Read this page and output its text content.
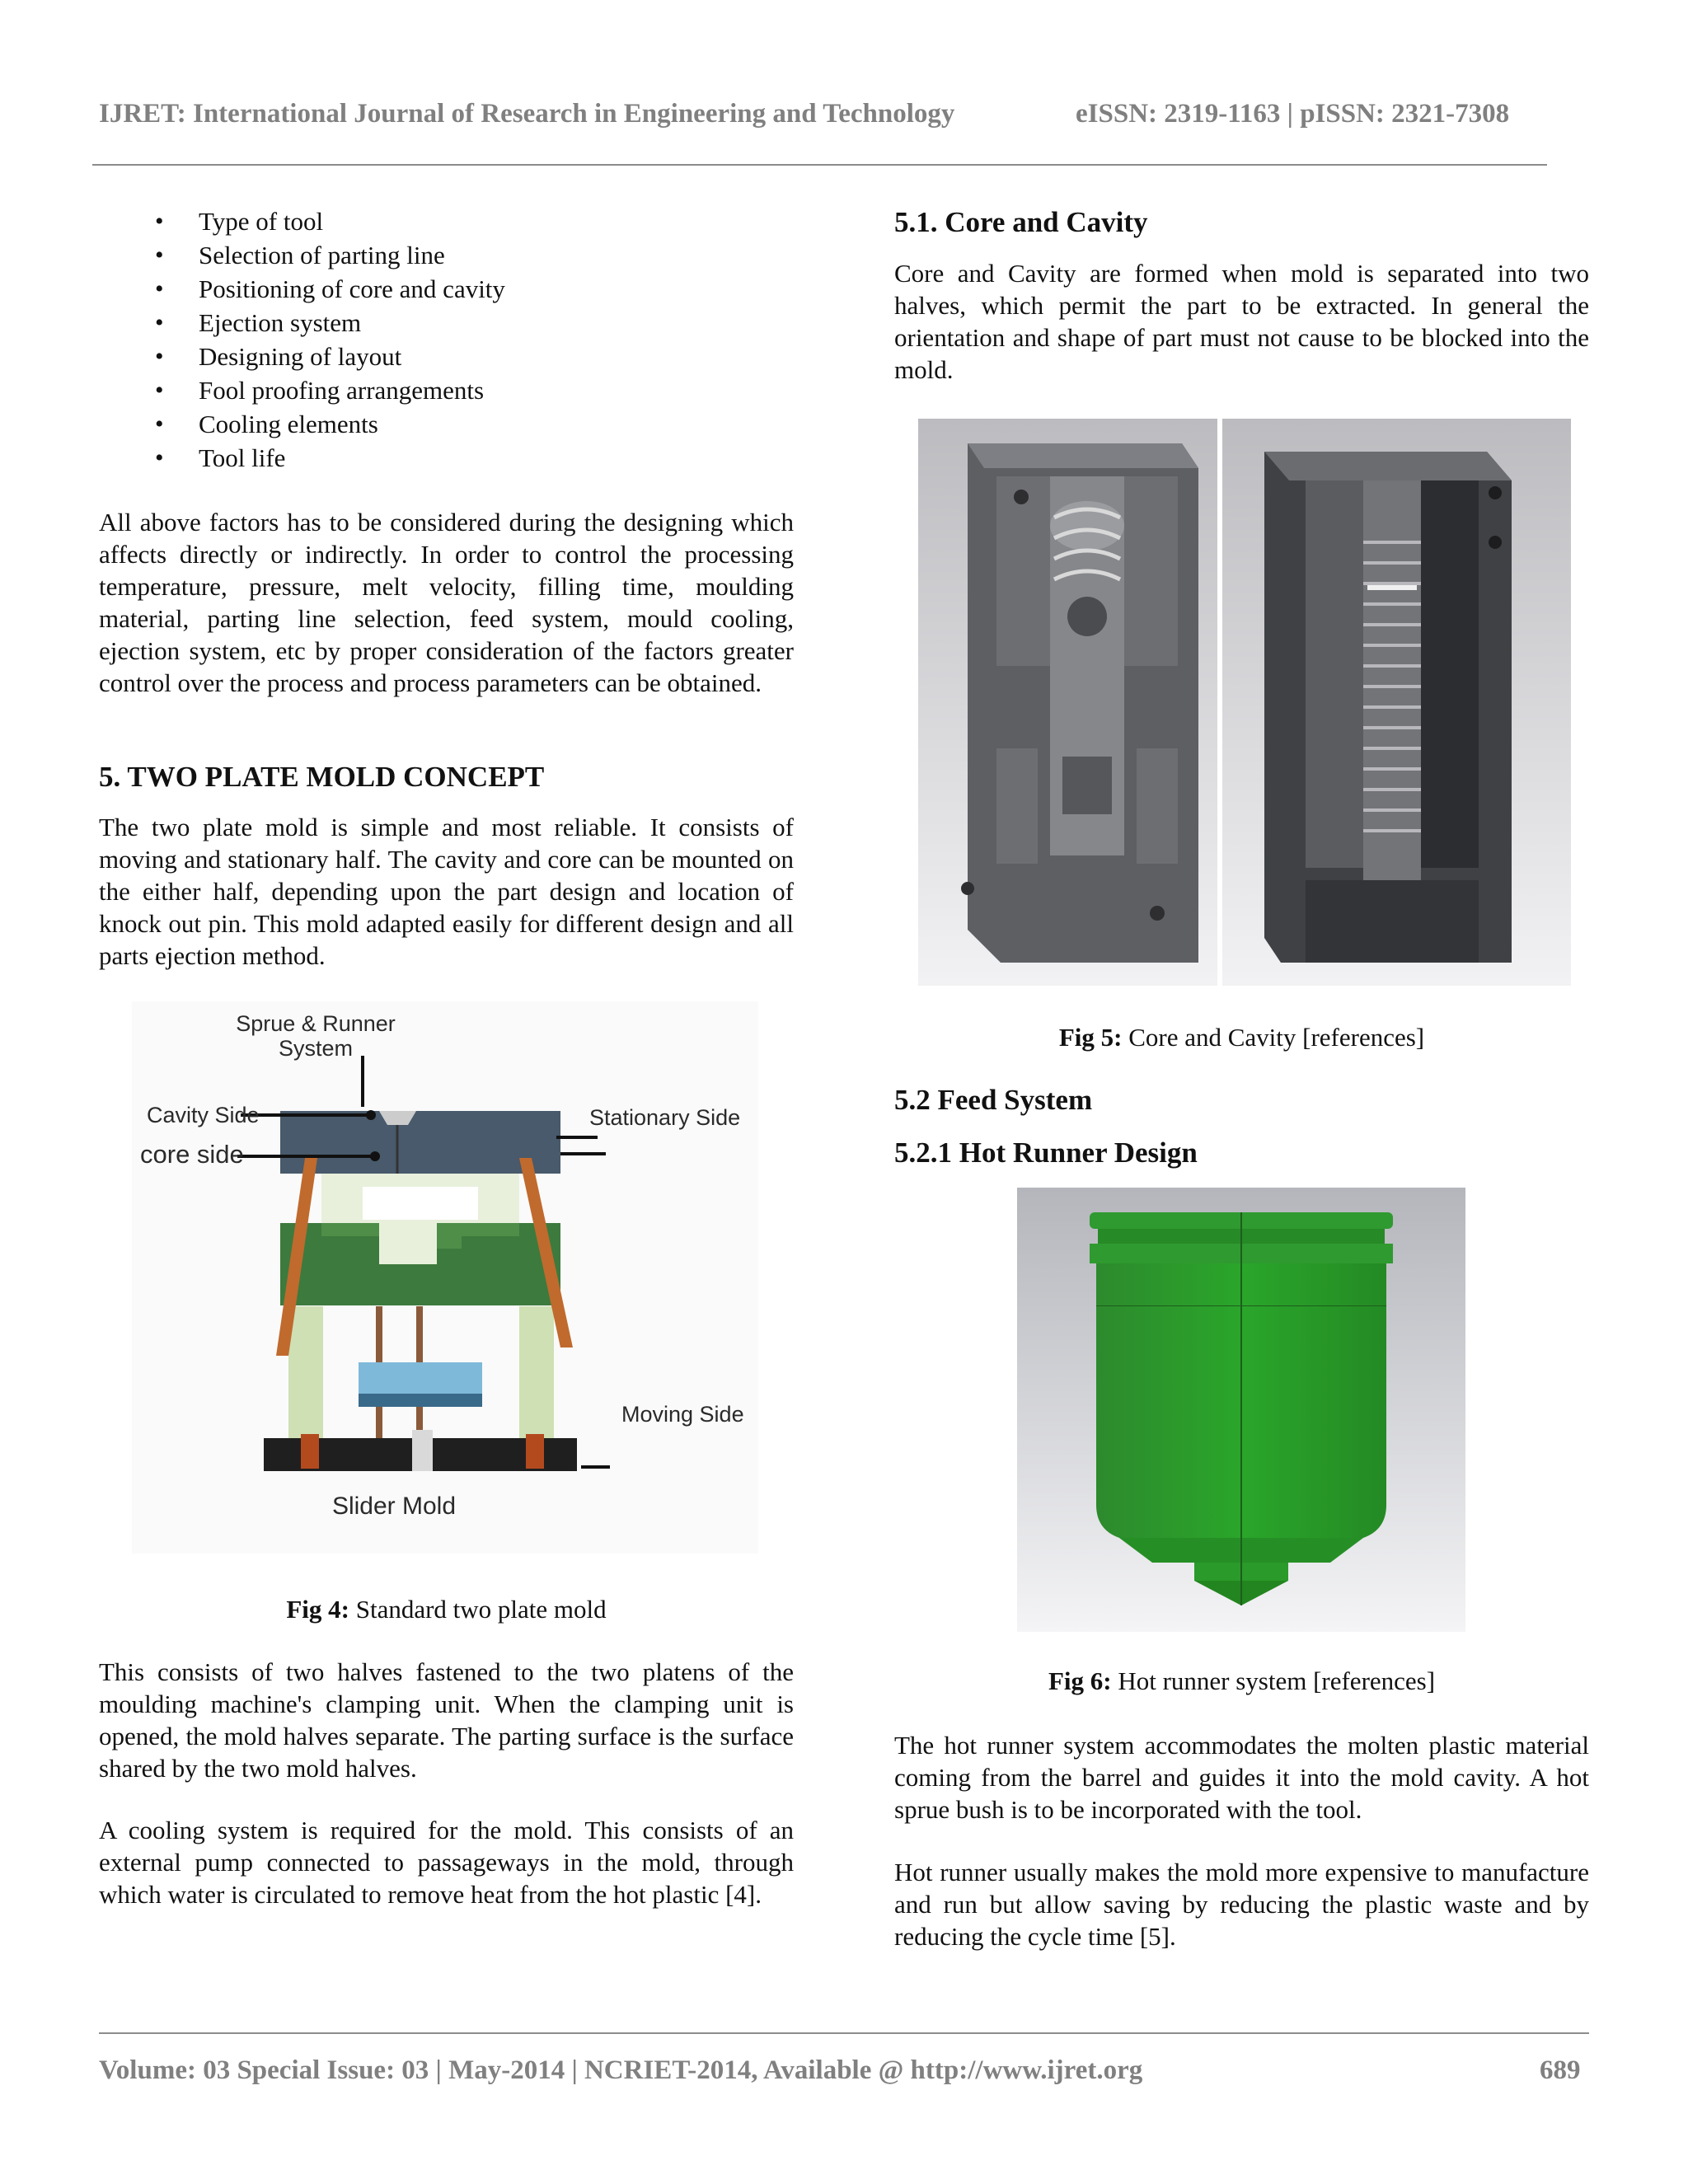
IJRET: International Journal of Research in Engineering and Technology	eISSN: 2319-1163 | pISSN: 2321-7308
• Type of tool
• Selection of parting line
• Positioning of core and cavity
• Ejection system
• Designing of layout
• Fool proofing arrangements
• Cooling elements
• Tool life

All above factors has to be considered during the designing which affects directly or indirectly. In order to control the processing temperature, pressure, melt velocity, filling time, moulding material, parting line selection, feed system, mould cooling, ejection system, etc by proper consideration of the factors greater control over the process and process parameters can be obtained.

5. TWO PLATE MOLD CONCEPT

The two plate mold is simple and most reliable. It consists of moving and stationary half. The cavity and core can be mounted on the either half, depending upon the part design and location of knock out pin. This mold adapted easily for different design and all parts ejection method.

Sprue & Runner
System
Cavity Side
core side
Stationary Side
Moving Side
Slider Mold
Fig 4: Standard two plate mold

This consists of two halves fastened to the two platens of the moulding machine's clamping unit. When the clamping unit is opened, the mold halves separate. The parting surface is the surface shared by the two mold halves.

A cooling system is required for the mold. This consists of an external pump connected to passageways in the mold, through which water is circulated to remove heat from the hot plastic [4].

5.1. Core and Cavity

Core and Cavity are formed when mold is separated into two halves, which permit the part to be extracted. In general the orientation and shape of part must not cause to be blocked into the mold.

Fig 5: Core and Cavity [references]
5.2 Feed System
5.2.1 Hot Runner Design
Fig 6: Hot runner system [references]

The hot runner system accommodates the molten plastic material coming from the barrel and guides it into the mold cavity. A hot sprue bush is to be incorporated with the tool.

Hot runner usually makes the mold more expensive to manufacture and run but allow saving by reducing the plastic waste and by reducing the cycle time [5].

Volume: 03 Special Issue: 03 | May-2014 | NCRIET-2014, Available @ http://www.ijret.org	689
